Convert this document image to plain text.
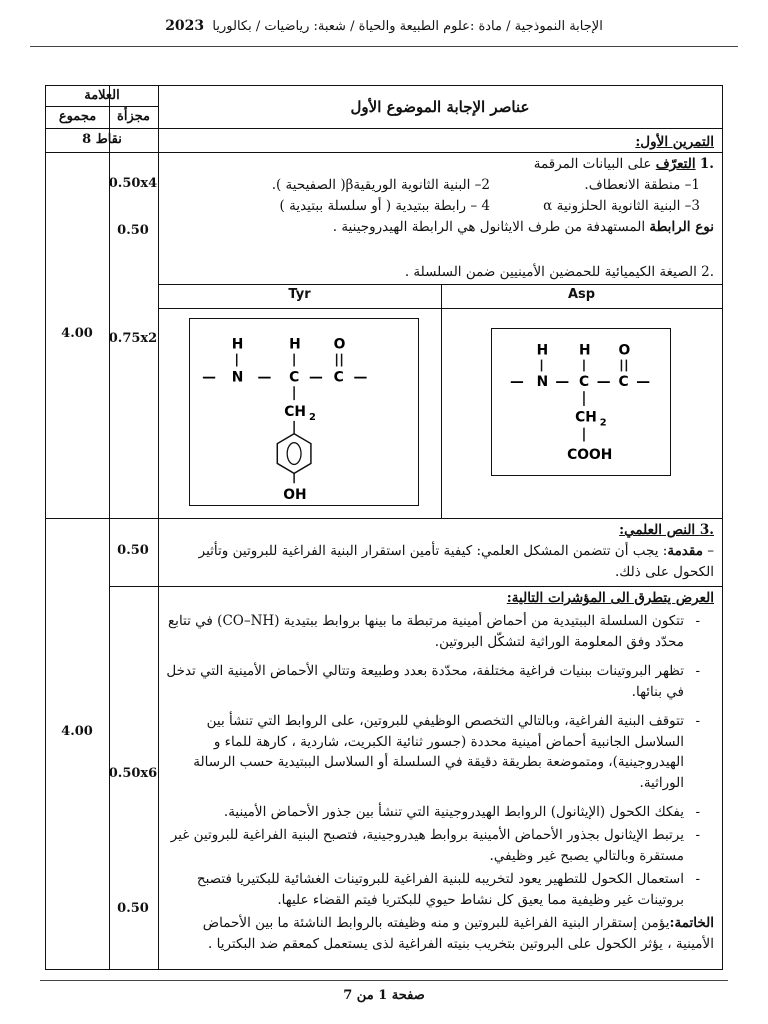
الإجابة النموذجية / مادة :علوم الطبيعة والحياة / شعبة: رياضيات / بكالوريا  2023
العلامة
مجزأة
مجموع
عناصر الإجابة الموضوع الأول
8 نقاط	التمرين الأول:
4.00
4.00
0.50x4
0.50
0.75x2
0.50
0.50x6
0.50
.1 التعرّف على البيانات المرقمة
1– منطقة الانعطاف.
2– البنية الثانوية الوريقيةβ( الصفيحية ).
3– البنية الثانوية الحلزونية α
4 – رابطة ببتيدية ( أو سلسلة ببتيدية )
نوع الرابطة المستهدفة من طرف الايثانول هي الرابطة الهيدروجينية .
.2 الصيغة الكيميائية للحمضين الأمينيين ضمن السلسلة .
Asp
Tyr
H	H O
— N — C — C —
CH 2
OH
H H O
— N — C — C —
CH 2
COOH
.3 النص العلمي:
– مقدمة: يجب أن تتضمن المشكل العلمي: كيفية تأمين استقرار البنية الفراغية للبروتين وتأثير الكحول على ذلك.
العرض يتطرق الى المؤشرات التالية:
- تتكون السلسلة الببتيدية من أحماض أمينية مرتبطة ما بينها بروابط ببتيدية (CO–NH) في تتابع محدّد وفق المعلومة الوراثية لتشكّل البروتين.
- تظهر البروتينات ببنيات فراغية مختلفة، محدّدة بعدد وطبيعة وتتالي الأحماض الأمينية التي تدخل في بنائها.
- تتوقف البنية الفراغية، وبالتالي التخصص الوظيفي للبروتين، على الروابط التي تنشأ بين السلاسل الجانبية أحماض أمينية محددة (جسور ثنائية الكبريت، شاردية ، كارهة للماء و الهيدروجينية)، ومتموضعة بطريقة دقيقة في السلسلة أو السلاسل الببتيدية حسب الرسالة الوراثية.
- يفكك الكحول (الإيثانول) الروابط الهيدروجينية التي تنشأ بين جذور الأحماض الأمينية.
- يرتبط الإيثانول بجذور الأحماض الأمينية بروابط هيدروجينية، فتصبح البنية الفراغية للبروتين غير مستقرة وبالتالي يصبح غير وظيفي.
- استعمال الكحول للتطهير يعود لتخريبه للبنية الفراغية للبروتينات الغشائية للبكتيريا فتصبح بروتينات غير وظيفية مما يعيق كل نشاط حيوي للبكتريا فيتم القضاء عليها.
الخاتمة:يؤمن إستقرار البنية الفراغية للبروتين و منه وظيفته بالروابط الناشئة ما بين الأحماض الأمينية ، يؤثر الكحول على البروتين بتخريب بنيته الفراغية لذى يستعمل كمعقم ضد البكتريا .
صفحة 1 من 7
